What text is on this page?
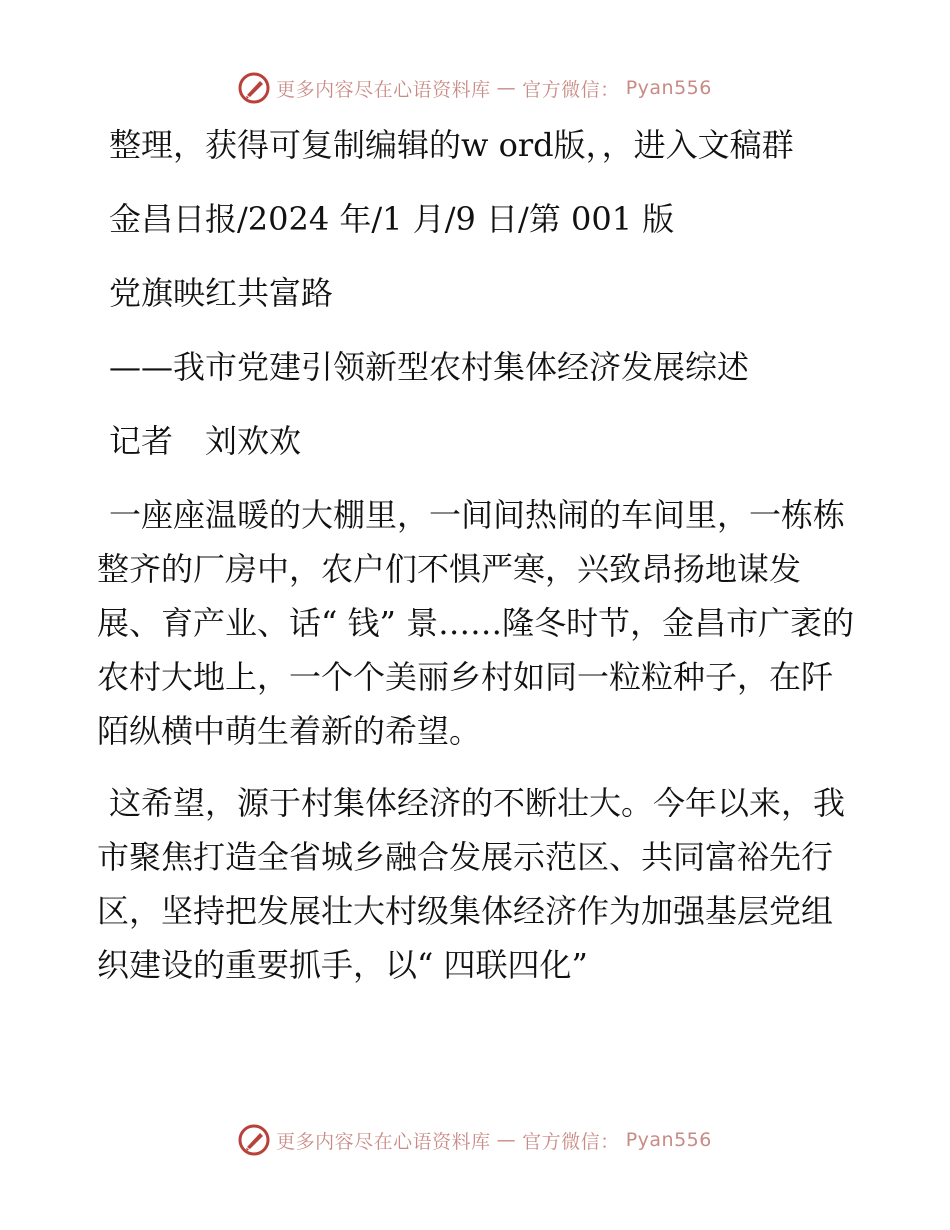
更多内容尽在心语资料库 — 官方微信： Pyan556

整理，获得可复制编辑的w ord版，，进入文稿群

金昌日报/2024 年/1 月/9 日/第 001 版

党旗映红共富路

——我市党建引领新型农村集体经济发展综述

记者　刘欢欢

一座座温暖的大棚里，一间间热闹的车间里，一栋栋整齐的厂房中，农户们不惧严寒，兴致昂扬地谋发展、育产业、话“ 钱” 景……隆冬时节，金昌市广袤的农村大地上，一个个美丽乡村如同一粒粒种子，在阡陌纵横中萌生着新的希望。

这希望，源于村集体经济的不断壮大。今年以来，我市聚焦打造全省城乡融合发展示范区、共同富裕先行区，坚持把发展壮大村级集体经济作为加强基层党组织建设的重要抓手，以“ 四联四化”

更多内容尽在心语资料库 — 官方微信： Pyan556
